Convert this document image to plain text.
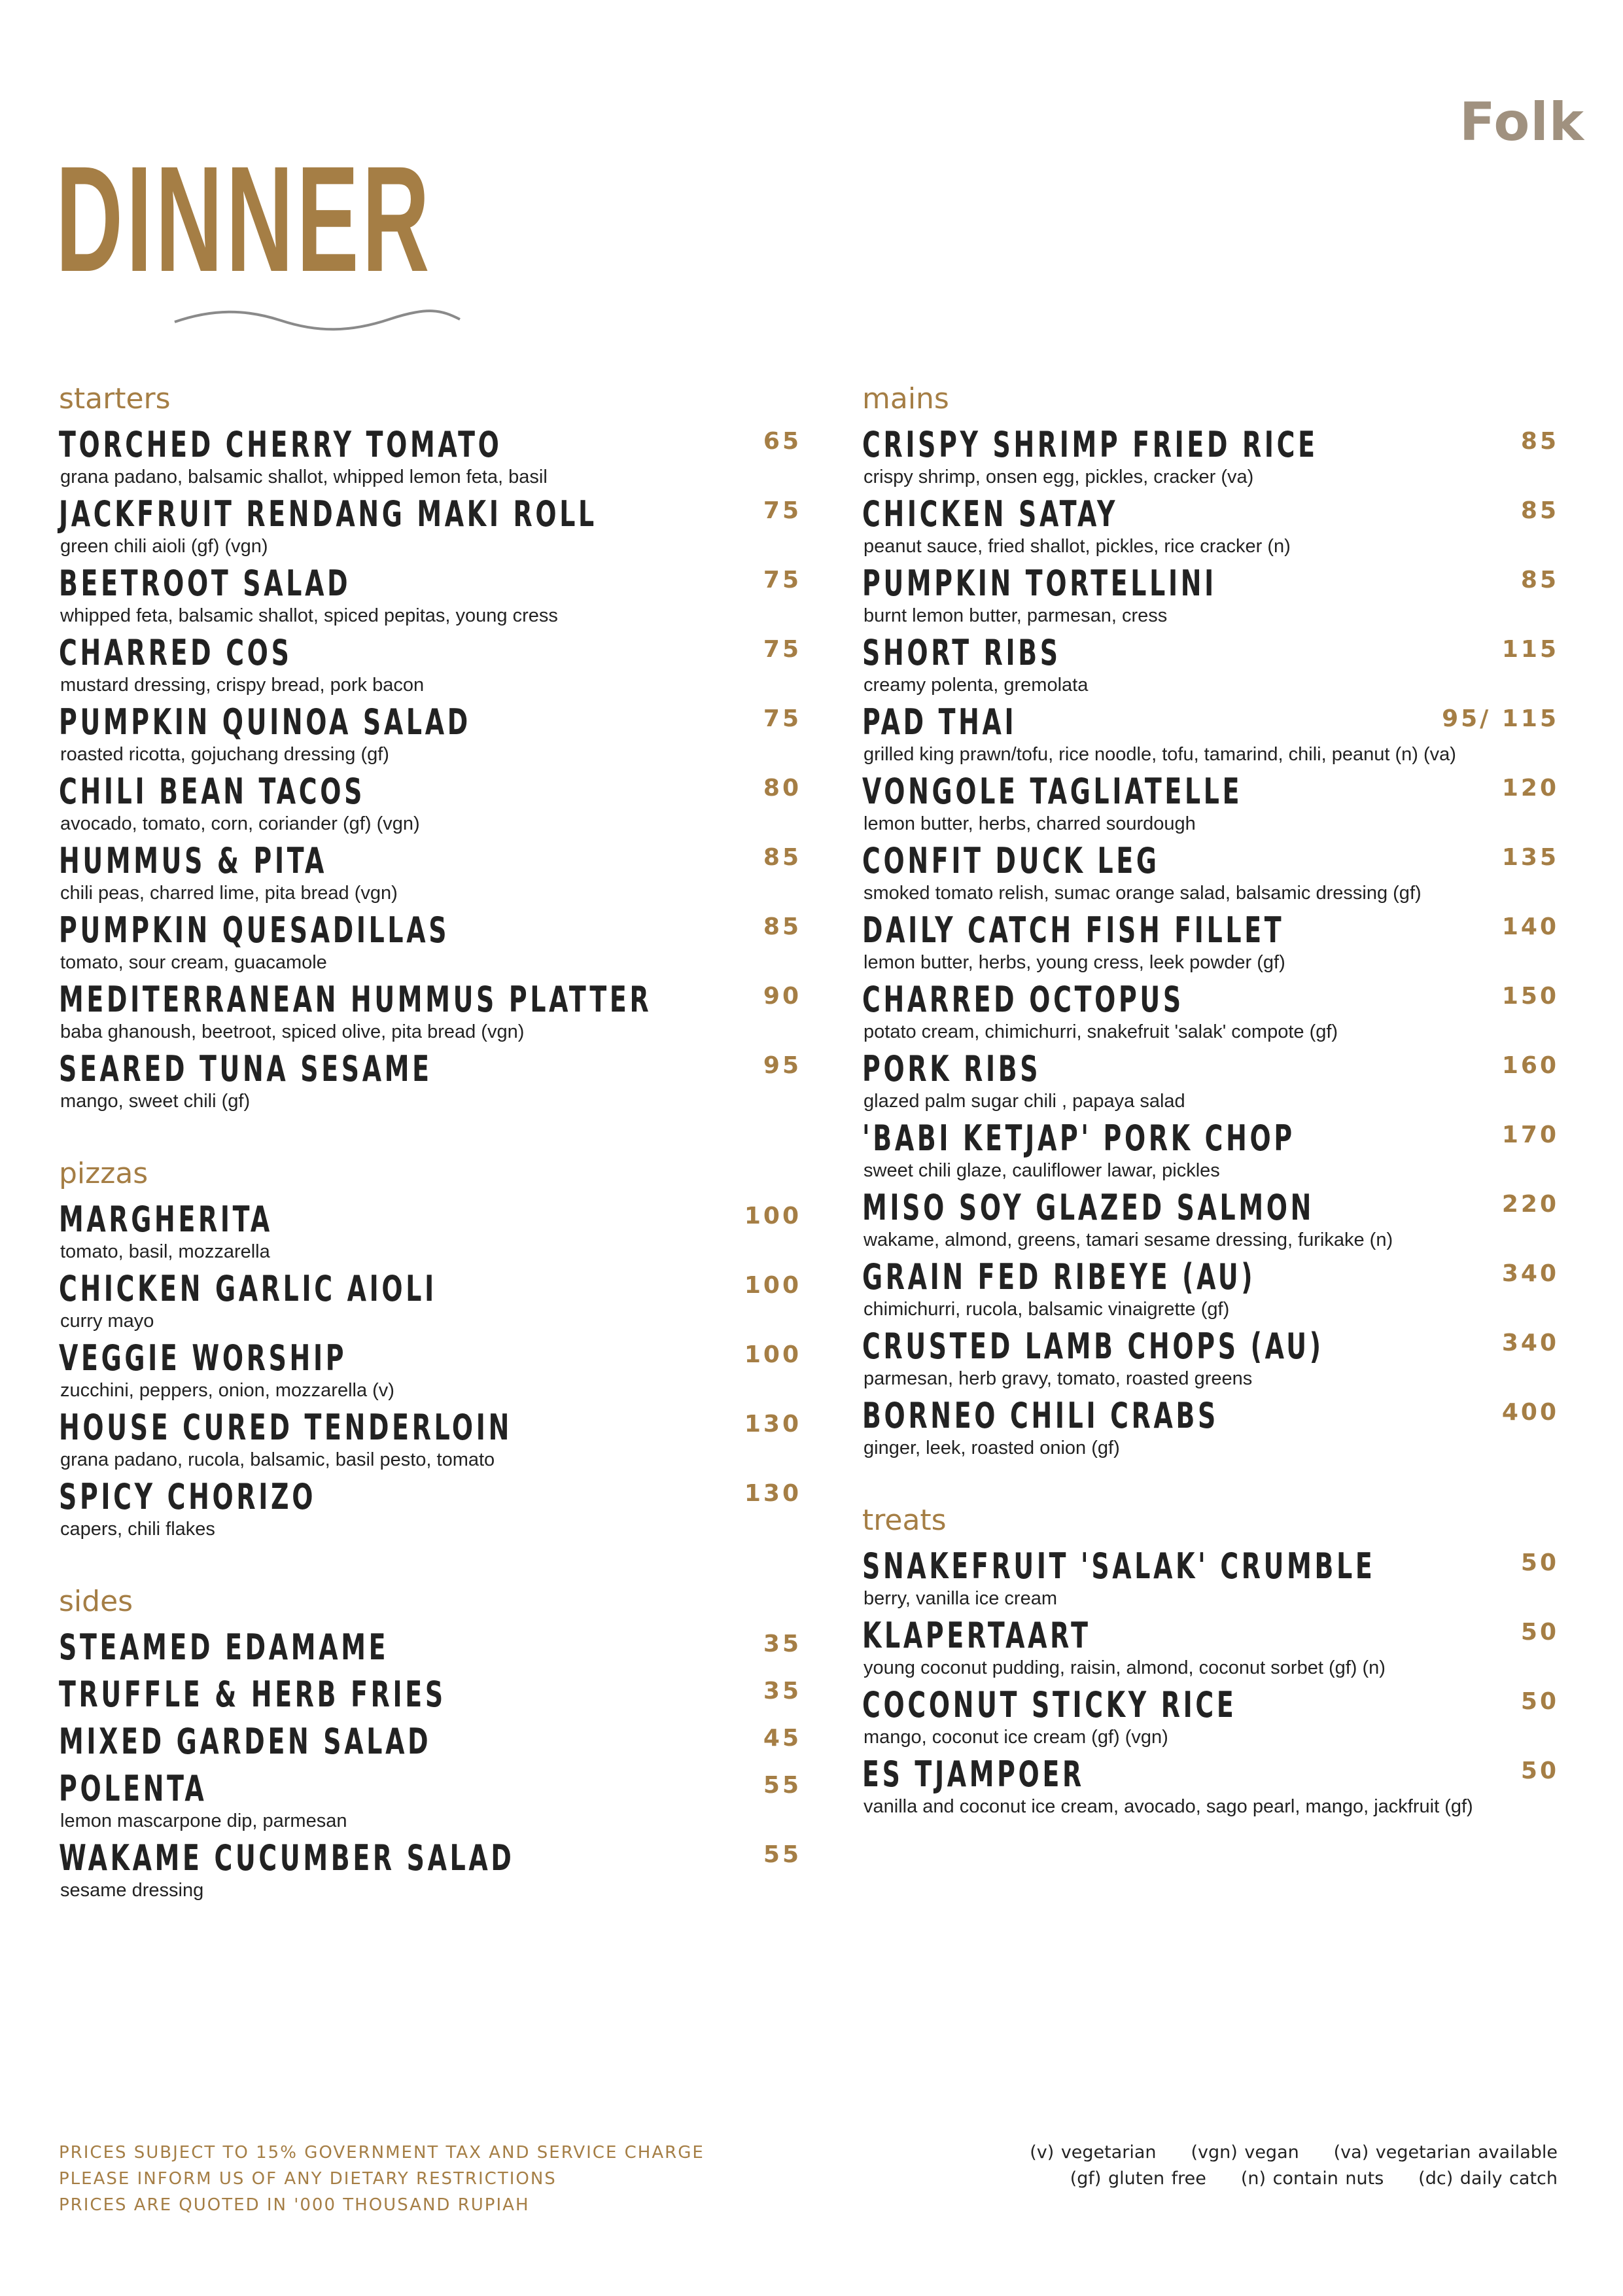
Folk
DINNER
starters
TORCHED CHERRY TOMATO
grana padano, balsamic shallot, whipped lemon feta, basil
65
JACKFRUIT RENDANG MAKI ROLL
green chili aioli (gf) (vgn)
75
BEETROOT SALAD
whipped feta, balsamic shallot, spiced pepitas, young cress
75
CHARRED COS
mustard dressing, crispy bread, pork bacon
75
PUMPKIN QUINOA SALAD
roasted ricotta, gojuchang dressing (gf)
75
CHILI BEAN TACOS
avocado, tomato, corn, coriander (gf) (vgn)
80
HUMMUS & PITA
chili peas, charred lime, pita bread (vgn)
85
PUMPKIN QUESADILLAS
tomato, sour cream, guacamole
85
MEDITERRANEAN HUMMUS PLATTER
baba ghanoush, beetroot, spiced olive, pita bread (vgn)
90
SEARED TUNA SESAME
mango, sweet chili (gf)
95
pizzas
MARGHERITA
tomato, basil, mozzarella
100
CHICKEN GARLIC AIOLI
curry mayo
100
VEGGIE WORSHIP
zucchini, peppers, onion, mozzarella (v)
100
HOUSE CURED TENDERLOIN
grana padano, rucola, balsamic, basil pesto, tomato
130
SPICY CHORIZO
capers, chili flakes
130
sides
STEAMED EDAMAME	35
TRUFFLE & HERB FRIES	35
MIXED GARDEN SALAD	45
POLENTA
lemon mascarpone dip, parmesan
55
WAKAME CUCUMBER SALAD
sesame dressing
55
mains
CRISPY SHRIMP FRIED RICE
crispy shrimp, onsen egg, pickles, cracker (va)
85
CHICKEN SATAY
peanut sauce, fried shallot, pickles, rice cracker (n)
85
PUMPKIN TORTELLINI
burnt lemon butter, parmesan, cress
85
SHORT RIBS
creamy polenta, gremolata
115
PAD THAI
grilled king prawn/tofu, rice noodle, tofu, tamarind, chili, peanut (n) (va)
95/ 115
VONGOLE TAGLIATELLE
lemon butter, herbs, charred sourdough
120
CONFIT DUCK LEG
smoked tomato relish, sumac orange salad, balsamic dressing (gf)
135
DAILY CATCH FISH FILLET
lemon butter, herbs, young cress, leek powder (gf)
140
CHARRED OCTOPUS
potato cream, chimichurri, snakefruit 'salak' compote (gf)
150
PORK RIBS
glazed palm sugar chili , papaya salad
160
'BABI KETJAP' PORK CHOP
sweet chili glaze, cauliflower lawar, pickles
170
MISO SOY GLAZED SALMON
wakame, almond, greens, tamari sesame dressing, furikake (n)
220
GRAIN FED RIBEYE (AU)
chimichurri, rucola, balsamic vinaigrette (gf)
340
CRUSTED LAMB CHOPS (AU)
parmesan, herb gravy, tomato, roasted greens
340
BORNEO CHILI CRABS
ginger, leek, roasted onion (gf)
400
treats
SNAKEFRUIT 'SALAK' CRUMBLE
berry, vanilla ice cream
50
KLAPERTAART
young coconut pudding, raisin, almond, coconut sorbet (gf) (n)
50
COCONUT STICKY RICE
mango, coconut ice cream (gf) (vgn)
50
ES TJAMPOER
vanilla and coconut ice cream, avocado, sago pearl, mango, jackfruit (gf)
50
PRICES SUBJECT TO 15% GOVERNMENT TAX AND SERVICE CHARGE
PLEASE INFORM US OF ANY DIETARY RESTRICTIONS
PRICES ARE QUOTED IN '000 THOUSAND RUPIAH
(v) vegetarian     (vgn) vegan     (va) vegetarian available
(gf) gluten free     (n) contain nuts     (dc) daily catch
